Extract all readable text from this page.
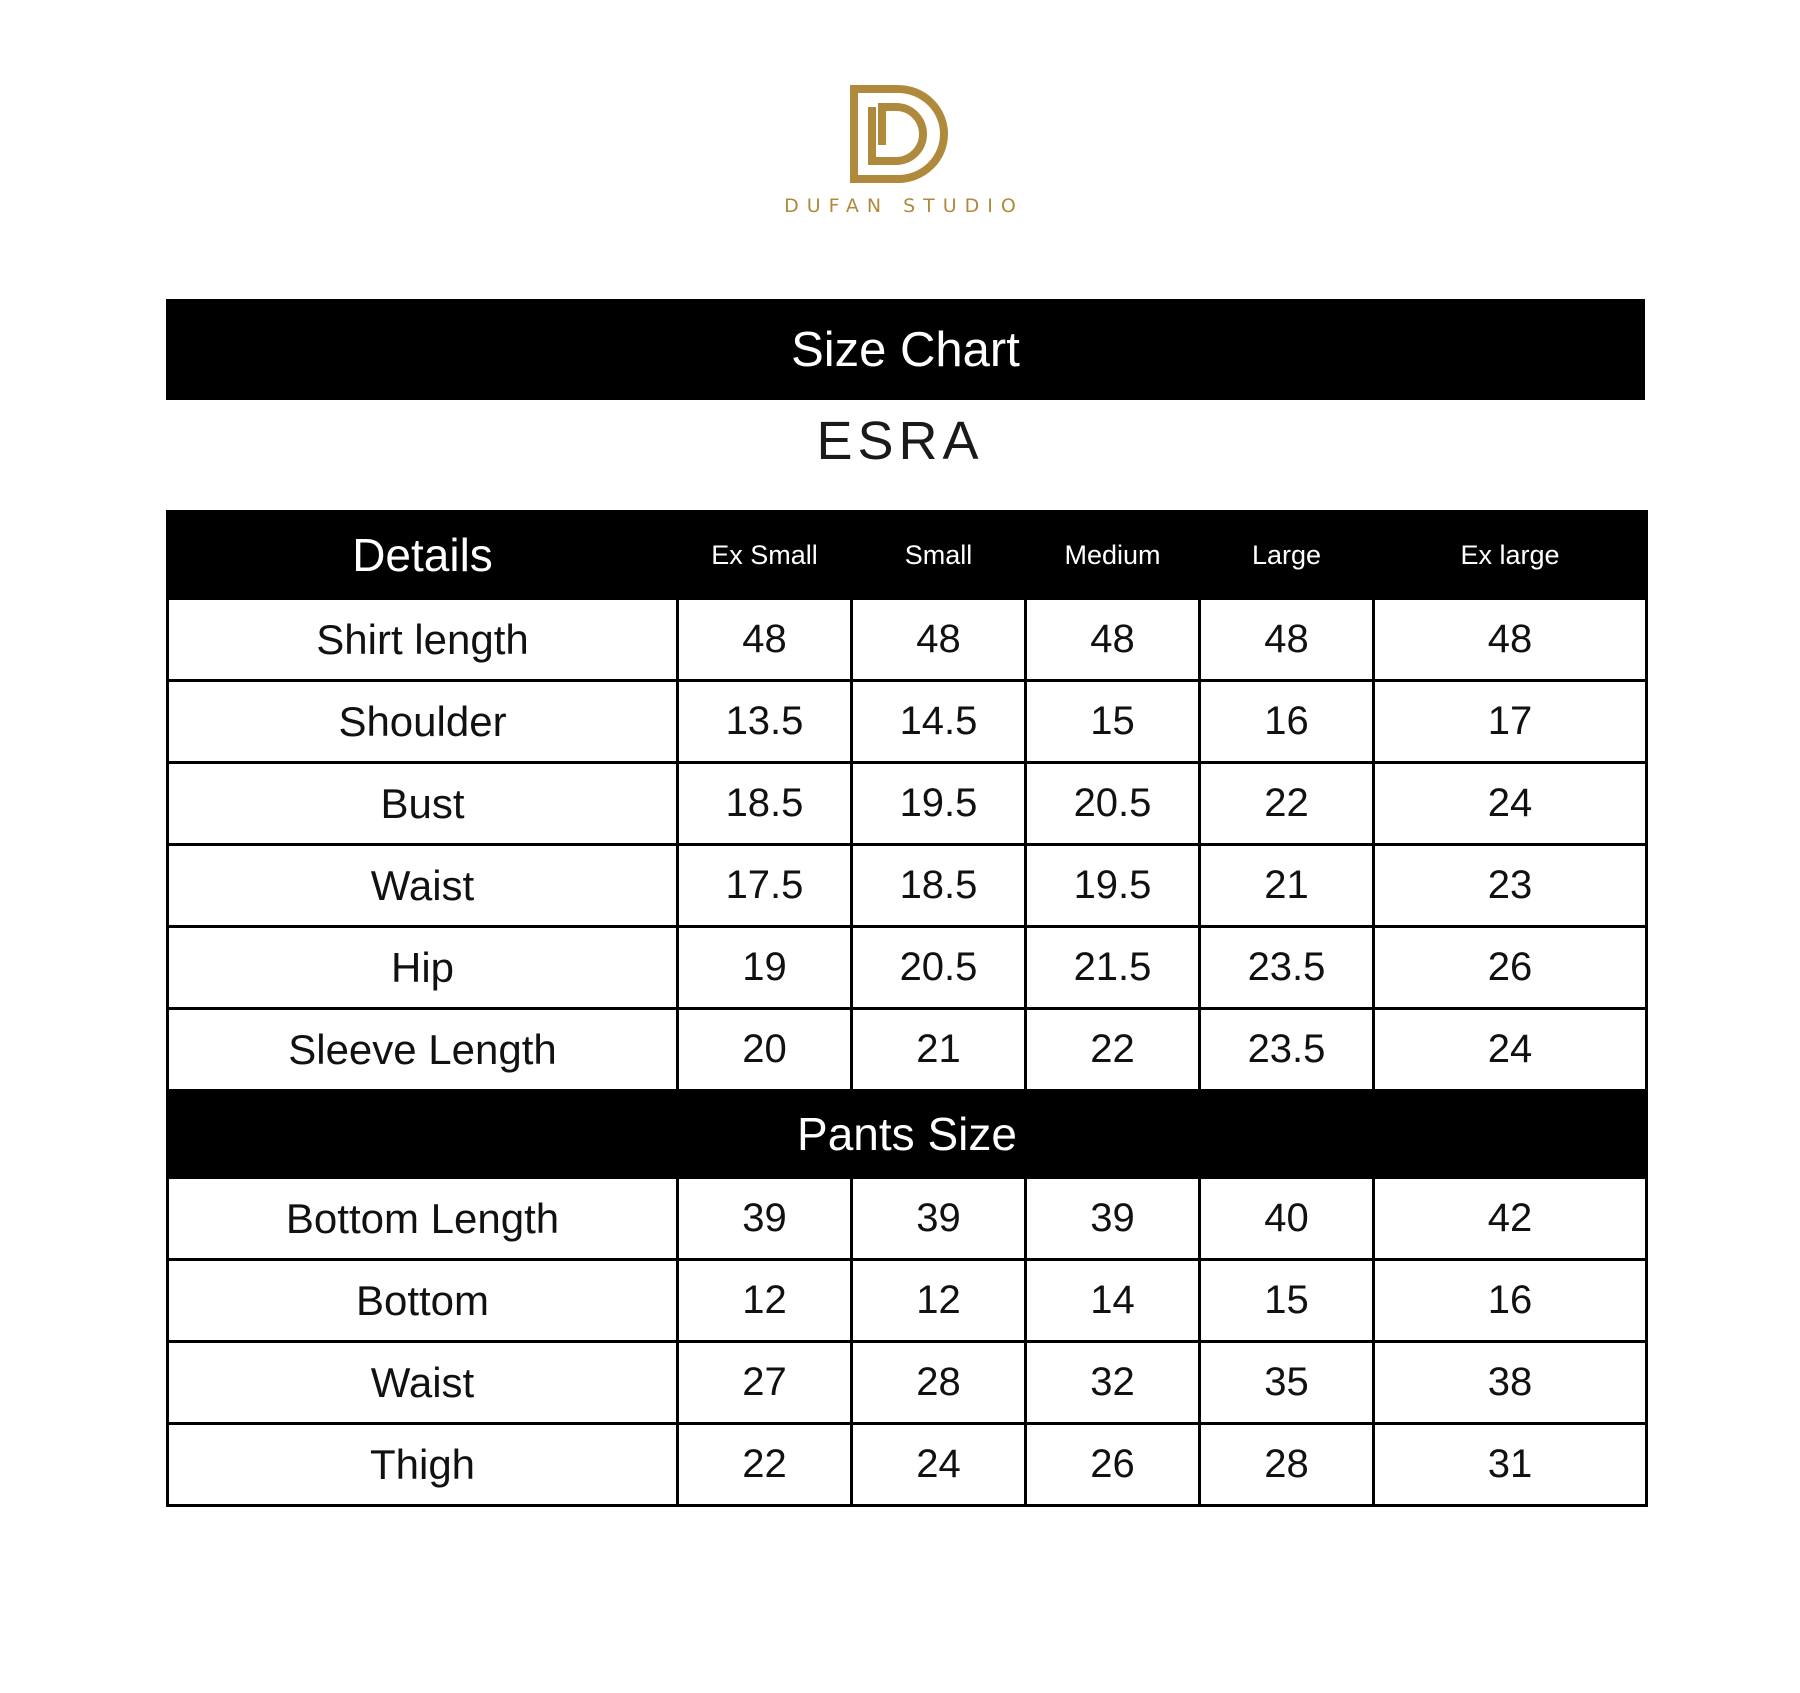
DUFAN STUDIO
Size Chart
ESRA
Details	Ex Small	Small	Medium	Large	Ex large
Shirt length	48	48	48	48	48
Shoulder	13.5	14.5	15	16	17
Bust	18.5	19.5	20.5	22	24
Waist	17.5	18.5	19.5	21	23
Hip	19	20.5	21.5	23.5	26
Sleeve Length	20	21	22	23.5	24
Pants Size					
Bottom Length	39	39	39	40	42
Bottom	12	12	14	15	16
Waist	27	28	32	35	38
Thigh	22	24	26	28	31
